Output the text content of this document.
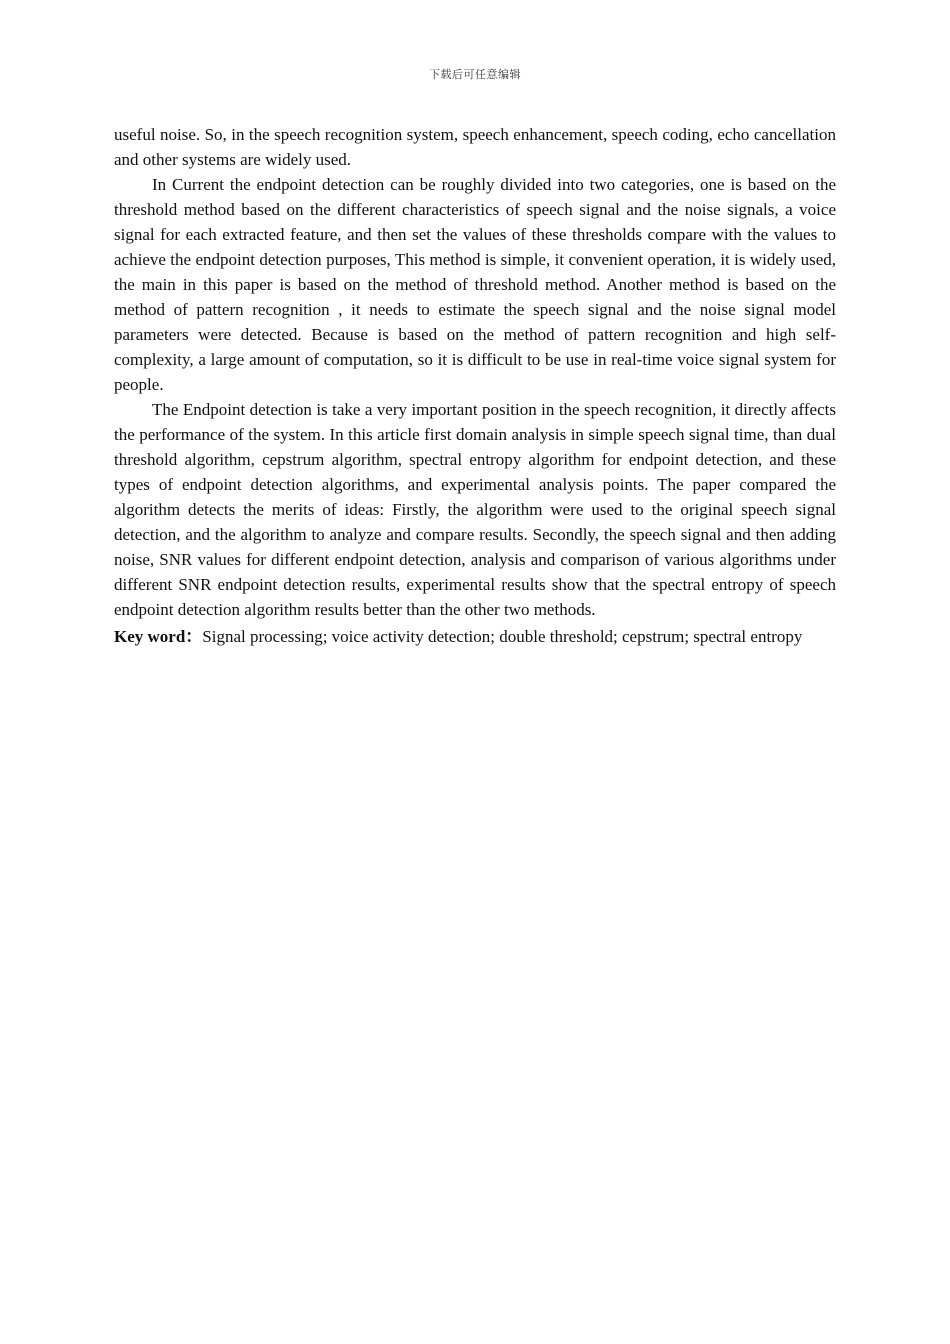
下载后可任意编辑

useful noise. So, in the speech recognition system, speech enhancement, speech coding, echo cancellation and other systems are widely used.

In Current the endpoint detection can be roughly divided into two categories, one is based on the threshold method based on the different characteristics of speech signal and the noise signals, a voice signal for each extracted feature, and then set the values of these thresholds compare with the values to achieve the endpoint detection purposes, This method is simple, it convenient operation, it is widely used, the main in this paper is based on the method of threshold method. Another method is based on the method of pattern recognition , it needs to estimate the speech signal and the noise signal model parameters were detected. Because is based on the method of pattern recognition and high self-complexity, a large amount of computation, so it is difficult to be use in real-time voice signal system for people.

The Endpoint detection is take a very important position in the speech recognition, it directly affects the performance of the system. In this article first domain analysis in simple speech signal time, than dual threshold algorithm, cepstrum algorithm, spectral entropy algorithm for endpoint detection, and these types of endpoint detection algorithms, and experimental analysis points. The paper compared the algorithm detects the merits of ideas: Firstly, the algorithm were used to the original speech signal detection, and the algorithm to analyze and compare results. Secondly, the speech signal and then adding noise, SNR values for different endpoint detection, analysis and comparison of various algorithms under different SNR endpoint detection results, experimental results show that the spectral entropy of speech endpoint detection algorithm results better than the other two methods.

Key word：Signal processing; voice activity detection; double threshold; cepstrum; spectral entropy
